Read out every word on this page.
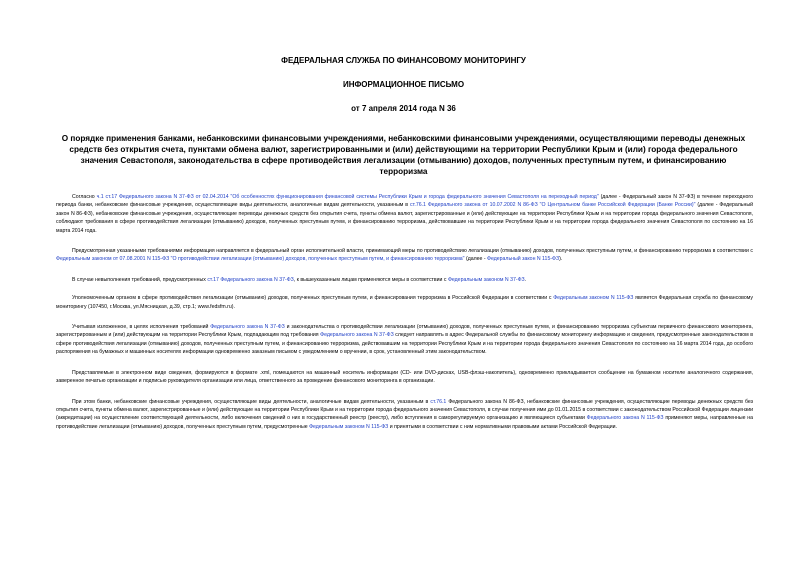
ФЕДЕРАЛЬНАЯ СЛУЖБА ПО ФИНАНСОВОМУ МОНИТОРИНГУ
ИНФОРМАЦИОННОЕ ПИСЬМО
от 7 апреля 2014 года N 36
О порядке применения банками, небанковскими финансовыми учреждениями, небанковскими финансовыми учреждениями, осуществляющими переводы денежных средств без открытия счета, пунктами обмена валют, зарегистрированными и (или) действующими на территории Республики Крым и (или) города федерального значения Севастополя, законодательства в сфере противодействия легализации (отмыванию) доходов, полученных преступным путем, и финансированию терроризма

Согласно ч.1 ст.17 Федерального закона N 37-ФЗ от 02.04.2014 "Об особенностях функционирования финансовой системы Республики Крым и города федерального значения Севастополя на переходный период" (далее - Федеральный закон N 37-ФЗ) в течение переходного периода банки, небанковские финансовые учреждения, осуществляющие виды деятельности, аналогичные видам деятельности, указанным в ст.76.1 Федерального закона от 10.07.2002 N 86-ФЗ "О Центральном банке Российской Федерации (Банке России)" (далее - Федеральный закон N 86-ФЗ), небанковские финансовые учреждения, осуществляющие переводы денежных средств без открытия счета, пункты обмена валют, зарегистрированные и (или) действующие на территории Республики Крым и на территории города федерального значения Севастополя, соблюдают требования в сфере противодействия легализации (отмыванию) доходов, полученных преступным путем, и финансированию терроризма, действовавшие на территории Республики Крым и на территории города федерального значения Севастополя по состоянию на 16 марта 2014 года.

Предусмотренная указанными требованиями информация направляется в федеральный орган исполнительной власти, принимающий меры по противодействию легализации (отмыванию) доходов, полученных преступным путем, и финансированию терроризма в соответствии с Федеральным законом от 07.08.2001 N 115-ФЗ "О противодействии легализации (отмыванию) доходов, полученных преступным путем, и финансированию терроризма" (далее - Федеральный закон N 115-ФЗ).

В случае невыполнения требований, предусмотренных ст.17 Федерального закона N 37-ФЗ, к вышеуказанным лицам применяются меры в соответствии с Федеральным законом N 37-ФЗ.

Уполномоченным органом в сфере противодействия легализации (отмыванию) доходов, полученных преступным путем, и финансирования терроризма в Российской Федерации в соответствии с Федеральным законом N 115-ФЗ является Федеральная служба по финансовому мониторингу (107450, г.Москва, ул.Мясницкая, д.39, стр.1; www.fedsfm.ru).

Учитывая изложенное, в целях исполнения требований Федерального закона N 37-ФЗ и законодательства о противодействии легализации (отмыванию) доходов, полученных преступным путем, и финансированию терроризма субъектам первичного финансового мониторинга, зарегистрированным и (или) действующим на территории Республики Крым, подпадающим под требования Федерального закона N 37-ФЗ следует направлять в адрес Федеральной службы по финансовому мониторингу информацию и сведения, предусмотренные законодательством в сфере противодействия легализации (отмыванию) доходов, полученных преступным путем, и финансированию терроризма, действовавшим на территории Республики Крым и на территории города федерального значения Севастополя по состоянию на 16 марта 2014 года, до особого распоряжения на бумажных и машинных носителях информации одновременно заказным письмом с уведомлением о вручении, в срок, установленный этим законодательством.

Представляемые в электронном виде сведения, формируются в формате .xml, помещаются на машинный носитель информации (CD- или DVD-дисках, USB-флэш-накопитель), одновременно прикладывается сообщение на бумажном носителе аналогичного содержания, заверенное печатью организации и подписью руководителя организации или лица, ответственного за проведение финансового мониторинга в организации.

При этом банки, небанковские финансовые учреждения, осуществляющие виды деятельности, аналогичные видам деятельности, указанным в ст.76.1 Федерального закона N 86-ФЗ, небанковские финансовые учреждения, осуществляющие переводы денежных средств без открытия счета, пункты обмена валют, зарегистрированные и (или) действующие на территории Республики Крым и на территории города федерального значения Севастополя, в случае получения ими до 01.01.2015 в соответствии с законодательством Российской Федерации лицензии (аккредитации) на осуществление соответствующей деятельности, либо включения сведений о них в государственный реестр (реестр), либо вступления в саморегулируемую организацию и являющиеся субъектами Федерального закона N 115-ФЗ применяют меры, направленные на противодействие легализации (отмыванию) доходов, полученных преступным путем, предусмотренные Федеральным законом N 115-ФЗ и принятыми в соответствии с ним нормативными правовыми актами Российской Федерации.
